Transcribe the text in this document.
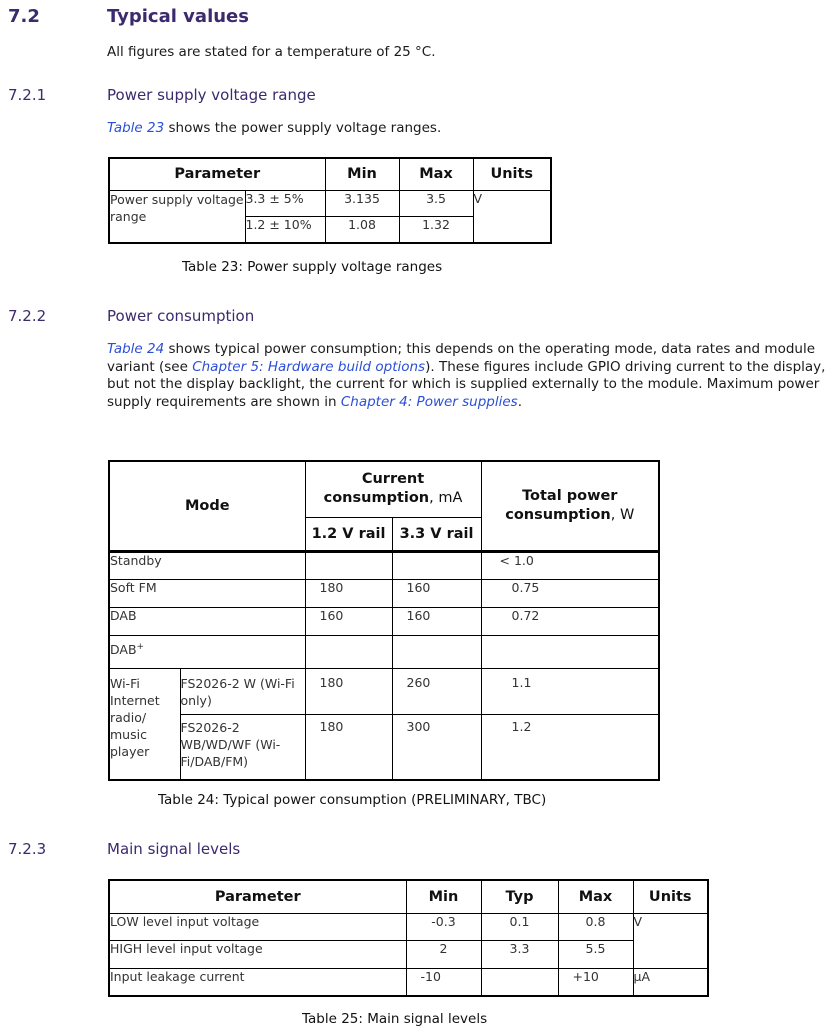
7.2	Typical values
All figures are stated for a temperature of 25 °C.
7.2.1	Power supply voltage range
Table 23 shows the power supply voltage ranges.
Parameter		Min	Max	Units
Power supply voltage range	3.3 ± 5%	3.135	3.5	V
	1.2 ± 10%	1.08	1.32	
Table 23: Power supply voltage ranges
7.2.2	Power consumption
Table 24 shows typical power consumption; this depends on the operating mode, data rates and module variant (see Chapter 5: Hardware build options). These figures include GPIO driving current to the display, but not the display backlight, the current for which is supplied externally to the module. Maximum power supply requirements are shown in Chapter 4: Power supplies.
Mode		Current consumption, mA		Total power consumption, W
		1.2 V rail	3.3 V rail	
Standby				< 1.0
Soft FM		180	160	0.75
DAB		160	160	0.72
DAB+			
Wi-Fi Internet radio/ music player	FS2026-2 W (Wi-Fi only)	180	260	1.1
	FS2026-2 WB/WD/WF (Wi-Fi/DAB/FM)	180	300	1.2
Table 24: Typical power consumption (PRELIMINARY, TBC)
7.2.3	Main signal levels
Parameter	Min	Typ	Max	Units
LOW level input voltage	-0.3	0.1	0.8	V
HIGH level input voltage	2	3.3	5.5	
Input leakage current	-10		+10	μA
Table 25: Main signal levels
